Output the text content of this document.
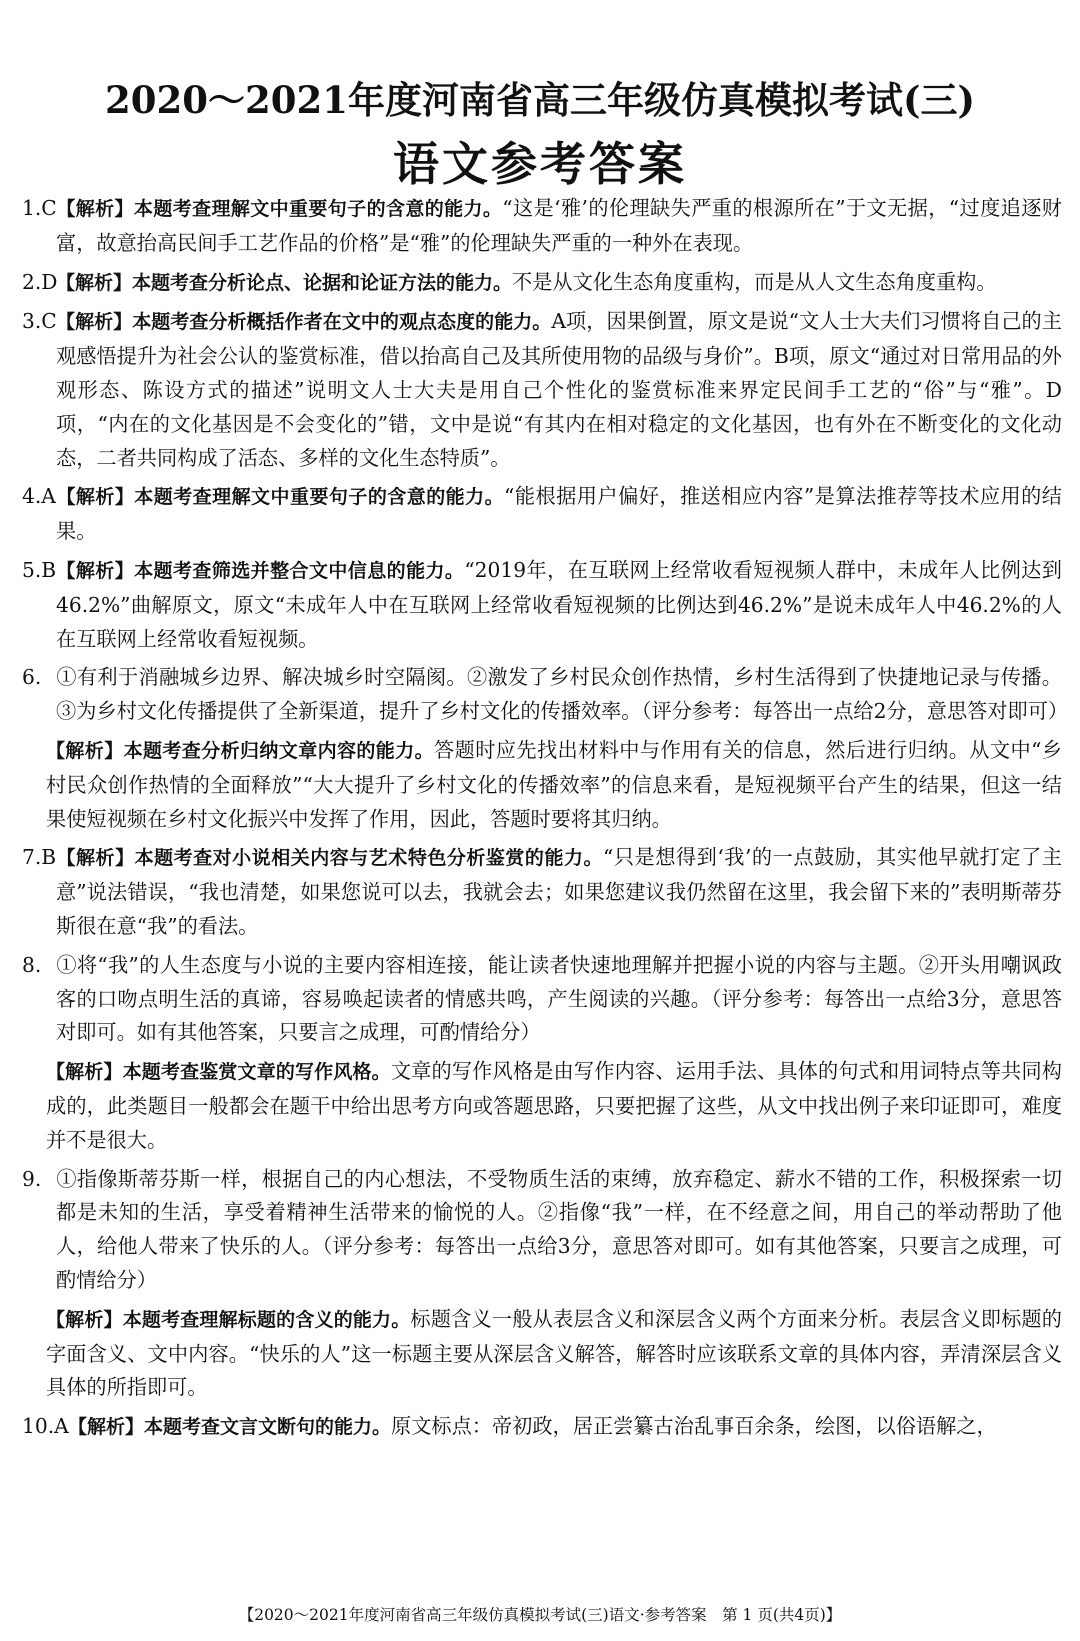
2020～2021年度河南省高三年级仿真模拟考试(三)
语文参考答案

1.C【解析】本题考查理解文中重要句子的含意的能力。“这是‘雅’的伦理缺失严重的根源所在”于文无据，“过度追逐财富，故意抬高民间手工艺作品的价格”是“雅”的伦理缺失严重的一种外在表现。

2.D【解析】本题考查分析论点、论据和论证方法的能力。不是从文化生态角度重构，而是从人文生态角度重构。

3.C【解析】本题考查分析概括作者在文中的观点态度的能力。A项，因果倒置，原文是说“文人士大夫们习惯将自己的主观感悟提升为社会公认的鉴赏标准，借以抬高自己及其所使用物的品级与身价”。B项，原文“通过对日常用品的外观形态、陈设方式的描述”说明文人士大夫是用自己个性化的鉴赏标准来界定民间手工艺的“俗”与“雅”。D项，“内在的文化基因是不会变化的”错，文中是说“有其内在相对稳定的文化基因，也有外在不断变化的文化动态，二者共同构成了活态、多样的文化生态特质”。

4.A【解析】本题考查理解文中重要句子的含意的能力。“能根据用户偏好，推送相应内容”是算法推荐等技术应用的结果。

5.B【解析】本题考查筛选并整合文中信息的能力。“2019年，在互联网上经常收看短视频人群中，未成年人比例达到46.2%”曲解原文，原文“未成年人中在互联网上经常收看短视频的比例达到46.2%”是说未成年人中46.2%的人在互联网上经常收看短视频。

6. ①有利于消融城乡边界、解决城乡时空隔阂。②激发了乡村民众创作热情，乡村生活得到了快捷地记录与传播。③为乡村文化传播提供了全新渠道，提升了乡村文化的传播效率。（评分参考：每答出一点给2分，意思答对即可）

【解析】本题考查分析归纳文章内容的能力。答题时应先找出材料中与作用有关的信息，然后进行归纳。从文中“乡村民众创作热情的全面释放”“大大提升了乡村文化的传播效率”的信息来看，是短视频平台产生的结果，但这一结果使短视频在乡村文化振兴中发挥了作用，因此，答题时要将其归纳。

7.B【解析】本题考查对小说相关内容与艺术特色分析鉴赏的能力。“只是想得到‘我’的一点鼓励，其实他早就打定了主意”说法错误，“我也清楚，如果您说可以去，我就会去；如果您建议我仍然留在这里，我会留下来的”表明斯蒂芬斯很在意“我”的看法。

8. ①将“我”的人生态度与小说的主要内容相连接，能让读者快速地理解并把握小说的内容与主题。②开头用嘲讽政客的口吻点明生活的真谛，容易唤起读者的情感共鸣，产生阅读的兴趣。（评分参考：每答出一点给3分，意思答对即可。如有其他答案，只要言之成理，可酌情给分）

【解析】本题考查鉴赏文章的写作风格。文章的写作风格是由写作内容、运用手法、具体的句式和用词特点等共同构成的，此类题目一般都会在题干中给出思考方向或答题思路，只要把握了这些，从文中找出例子来印证即可，难度并不是很大。

9. ①指像斯蒂芬斯一样，根据自己的内心想法，不受物质生活的束缚，放弃稳定、薪水不错的工作，积极探索一切都是未知的生活，享受着精神生活带来的愉悦的人。②指像“我”一样，在不经意之间，用自己的举动帮助了他人，给他人带来了快乐的人。（评分参考：每答出一点给3分，意思答对即可。如有其他答案，只要言之成理，可酌情给分）

【解析】本题考查理解标题的含义的能力。标题含义一般从表层含义和深层含义两个方面来分析。表层含义即标题的字面含义、文中内容。“快乐的人”这一标题主要从深层含义解答，解答时应该联系文章的具体内容，弄清深层含义具体的所指即可。

10.A【解析】本题考查文言文断句的能力。原文标点：帝初政，居正尝纂古治乱事百余条，绘图，以俗语解之，

【2020～2021年度河南省高三年级仿真模拟考试(三)语文·参考答案　第 1 页(共4页)】
